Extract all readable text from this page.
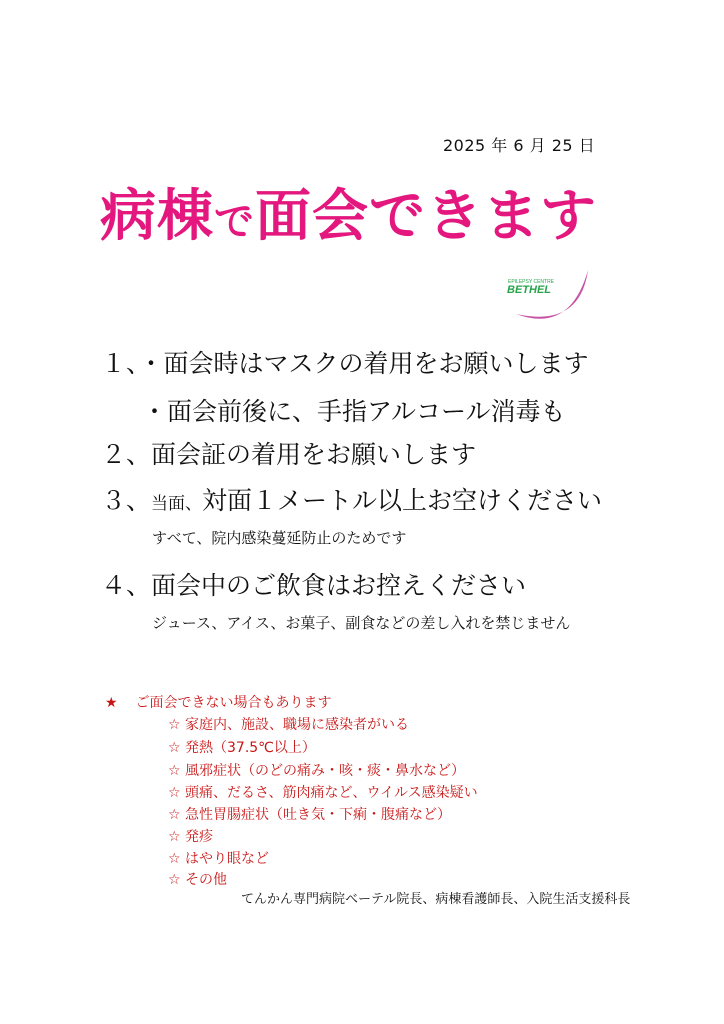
2025 年 6 月 25 日
病棟で面会できます
EPILEPSY CENTRE
BETHEL
１、・面会時はマスクの着用をお願いします
・面会前後に、手指アルコール消毒も
２、面会証の着用をお願いします
３、当面、対面１メートル以上お空けください
すべて、院内感染蔓延防止のためです
４、面会中のご飲食はお控えください
ジュース、アイス、お菓子、副食などの差し入れを禁じません
★ ご面会できない場合もあります
☆ 家庭内、施設、職場に感染者がいる
☆ 発熱（37.5℃以上）
☆ 風邪症状（のどの痛み・咳・痰・鼻水など）
☆ 頭痛、だるさ、筋肉痛など、ウイルス感染疑い
☆ 急性胃腸症状（吐き気・下痢・腹痛など）
☆ 発疹
☆ はやり眼など
☆ その他
てんかん専門病院ベーテル院長、病棟看護師長、入院生活支援科長
